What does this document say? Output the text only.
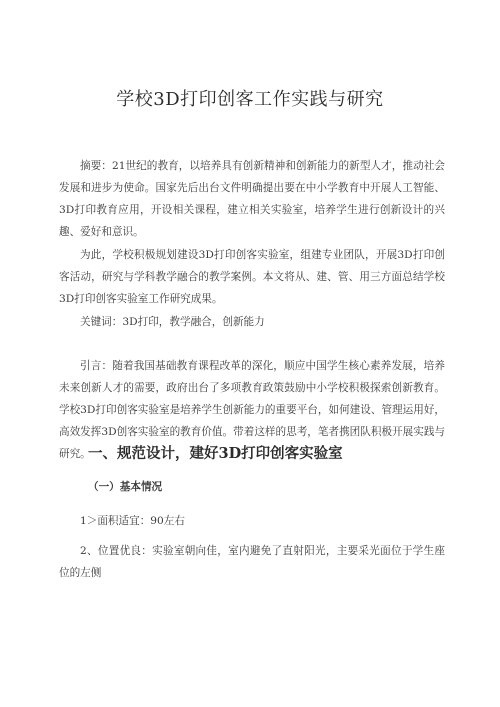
学校3D打印创客工作实践与研究

摘要：21世纪的教育，以培养具有创新精神和创新能力的新型人才，推动社会发展和进步为使命。国家先后出台文件明确提出要在中小学教育中开展人工智能、3D打印教育应用，开设相关课程，建立相关实验室，培养学生进行创新设计的兴趣、爱好和意识。

为此，学校积极规划建设3D打印创客实验室，组建专业团队，开展3D打印创客活动，研究与学科教学融合的教学案例。本文将从、建、管、用三方面总结学校3D打印创客实验室工作研究成果。

关键词：3D打印，教学融合，创新能力

引言：随着我国基础教育课程改革的深化，顺应中国学生核心素养发展，培养未来创新人才的需要，政府出台了多项教育政策鼓励中小学校积极探索创新教育。学校3D打印创客实验室是培养学生创新能力的重要平台，如何建设、管理运用好，高效发挥3D创客实验室的教育价值。带着这样的思考，笔者携团队积极开展实践与研究。

一、规范设计，建好3D打印创客实验室
（一）基本情况

1＞面积适宜：90左右

2、位置优良：实验室朝向佳，室内避免了直射阳光，主要采光面位于学生座位的左侧
